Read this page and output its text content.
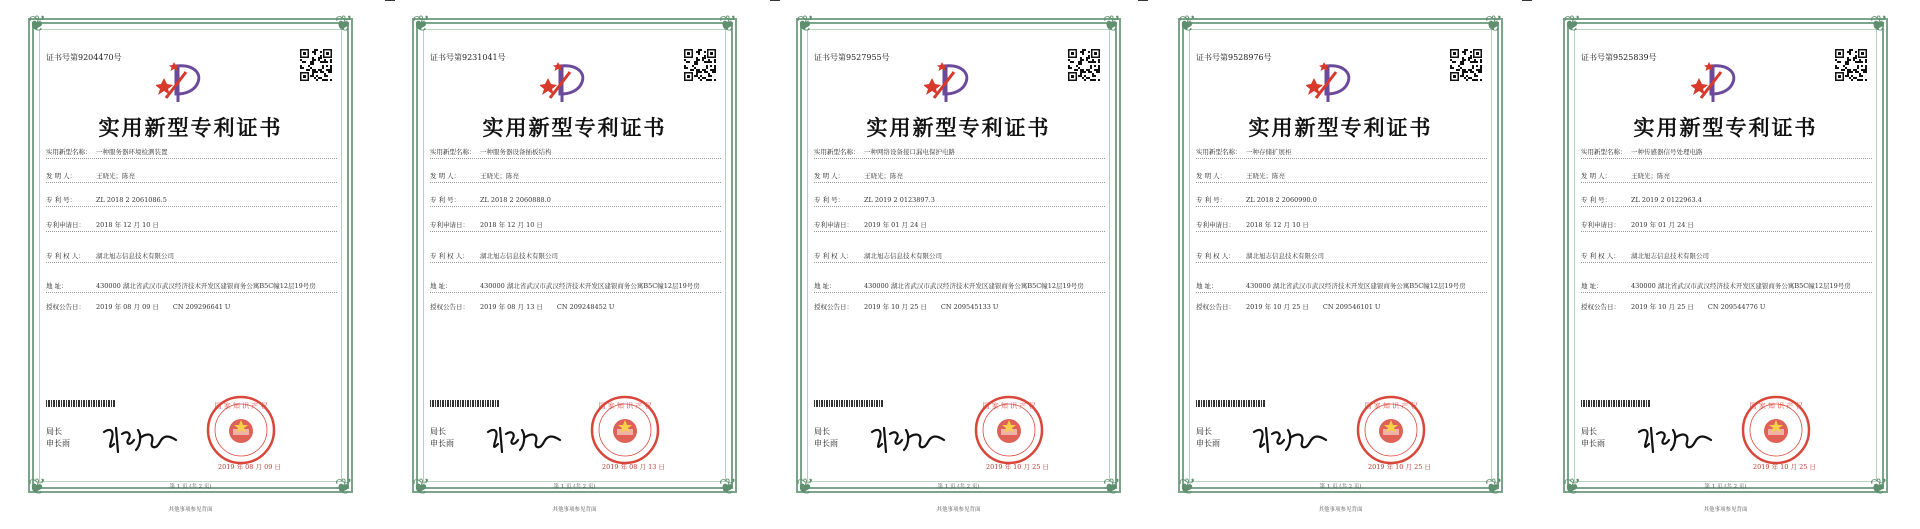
❦	❦
❦	❦
证书号第9204470号
实用新型专利证书
实用新型名称： 一种服务器环境检测装置
发 明 人：	王晓光；陈亮
专 利 号：	ZL 2018 2 2061086.5
专利申请日： 2018 年 12 月 10 日
专 利 权 人： 湖北旭志信息技术有限公司
地 址：	430000 湖北省武汉市武汉经济技术开发区建银商务公寓B5C幢12层19号房
授权公告日： 2019 年 08 月 09 日 CN 209296641 U
局长
申长雨
国 家 知 识 产 权
2019 年 08 月 09 日
第 1 页 (共 2 页)
其他事项参见背面
❦	❦
❦	❦
证书号第9231041号
实用新型专利证书
实用新型名称： 一种服务器设备插板结构
发 明 人：	王晓光；陈亮
专 利 号：	ZL 2018 2 2060888.0
专利申请日： 2018 年 12 月 10 日
专 利 权 人： 湖北旭志信息技术有限公司
地 址：	430000 湖北省武汉市武汉经济技术开发区建银商务公寓B5C幢12层19号房
授权公告日： 2019 年 08 月 13 日 CN 209248452 U
局长
申长雨
国 家 知 识 产 权
2019 年 08 月 13 日
第 1 页 (共 2 页)
其他事项参见背面
❦	❦
❦	❦
证书号第9527955号
实用新型专利证书
实用新型名称： 一种网络设备接口漏电保护电路
发 明 人：	王晓光；陈亮
专 利 号：	ZL 2019 2 0123897.3
专利申请日： 2019 年 01 月 24 日
专 利 权 人： 湖北旭志信息技术有限公司
地 址：	430000 湖北省武汉市武汉经济技术开发区建银商务公寓B5C幢12层19号房
授权公告日： 2019 年 10 月 25 日 CN 209545133 U
局长
申长雨
国 家 知 识 产 权
2019 年 10 月 25 日
第 1 页 (共 2 页)
其他事项参见背面
❦	❦
❦	❦
证书号第9528976号
实用新型专利证书
实用新型名称： 一种存储扩展柜
发 明 人：	王晓光；陈亮
专 利 号：	ZL 2018 2 2060990.0
专利申请日： 2018 年 12 月 10 日
专 利 权 人： 湖北旭志信息技术有限公司
地 址：	430000 湖北省武汉市武汉经济技术开发区建银商务公寓B5C幢12层19号房
授权公告日： 2019 年 10 月 25 日 CN 209546101 U
局长
申长雨
国 家 知 识 产 权
2019 年 10 月 25 日
第 1 页 (共 2 页)
其他事项参见背面
❦	❦
❦	❦
证书号第9525839号
实用新型专利证书
实用新型名称： 一种传感器信号处理电路
发 明 人：	王晓光；陈亮
专 利 号：	ZL 2019 2 0122963.4
专利申请日： 2019 年 01 月 24 日
专 利 权 人： 湖北旭志信息技术有限公司
地 址：	430000 湖北省武汉市武汉经济技术开发区建银商务公寓B5C幢12层19号房
授权公告日： 2019 年 10 月 25 日 CN 209544776 U
局长
申长雨
国 家 知 识 产 权
2019 年 10 月 25 日
第 1 页 (共 2 页)
其他事项参见背面
